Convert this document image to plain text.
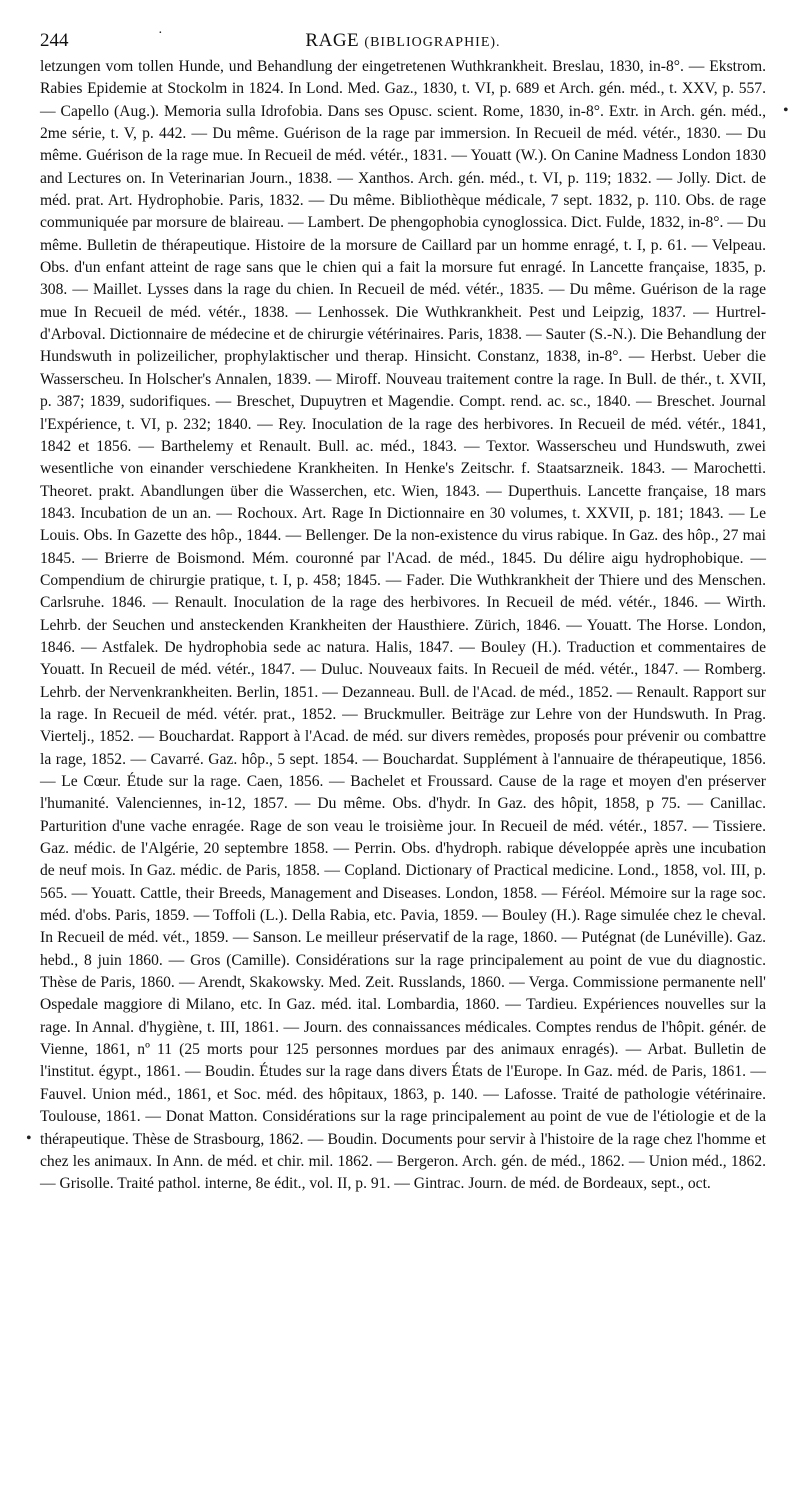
244	·	RAGE (BIBLIOGRAPHIE).
•
•

letzungen vom tollen Hunde, und Behandlung der eingetretenen Wuthkrankheit. Breslau, 1830, in-8°. — Ekstrom. Rabies Epidemie at Stockolm in 1824. In Lond. Med. Gaz., 1830, t. VI, p. 689 et Arch. gén. méd., t. XXV, p. 557. — Capello (Aug.). Memoria sulla Idrofobia. Dans ses Opusc. scient. Rome, 1830, in-8°. Extr. in Arch. gén. méd., 2me série, t. V, p. 442. — Du même. Guérison de la rage par immersion. In Recueil de méd. vétér., 1830. — Du même. Guérison de la rage mue. In Recueil de méd. vétér., 1831. — Youatt (W.). On Canine Madness London 1830 and Lectures on. In Veterinarian Journ., 1838. — Xanthos. Arch. gén. méd., t. VI, p. 119; 1832. — Jolly. Dict. de méd. prat. Art. Hydrophobie. Paris, 1832. — Du même. Bibliothèque médicale, 7 sept. 1832, p. 110. Obs. de rage communiquée par morsure de blaireau. — Lambert. De phengophobia cynoglossica. Dict. Fulde, 1832, in-8°. — Du même. Bulletin de thérapeutique. Histoire de la morsure de Caillard par un homme enragé, t. I, p. 61. — Velpeau. Obs. d'un enfant atteint de rage sans que le chien qui a fait la morsure fut enragé. In Lancette française, 1835, p. 308. — Maillet. Lysses dans la rage du chien. In Recueil de méd. vétér., 1835. — Du même. Guérison de la rage mue In Recueil de méd. vétér., 1838. — Lenhossek. Die Wuthkrankheit. Pest und Leipzig, 1837. — Hurtrel-d'Arboval. Dictionnaire de médecine et de chirurgie vétérinaires. Paris, 1838. — Sauter (S.-N.). Die Behandlung der Hundswuth in polizeilicher, prophylaktischer und therap. Hinsicht. Constanz, 1838, in-8°. — Herbst. Ueber die Wasserscheu. In Holscher's Annalen, 1839. — Miroff. Nouveau traitement contre la rage. In Bull. de thér., t. XVII, p. 387; 1839, sudorifiques. — Breschet, Dupuytren et Magendie. Compt. rend. ac. sc., 1840. — Breschet. Journal l'Expérience, t. VI, p. 232; 1840. — Rey. Inoculation de la rage des herbivores. In Recueil de méd. vétér., 1841, 1842 et 1856. — Barthelemy et Renault. Bull. ac. méd., 1843. — Textor. Wasserscheu und Hundswuth, zwei wesentliche von einander verschiedene Krankheiten. In Henke's Zeitschr. f. Staatsarzneik. 1843. — Marochetti. Theoret. prakt. Abandlungen über die Wasserchen, etc. Wien, 1843. — Duperthuis. Lancette française, 18 mars 1843. Incubation de un an. — Rochoux. Art. Rage In Dictionnaire en 30 volumes, t. XXVII, p. 181; 1843. — Le Louis. Obs. In Gazette des hôp., 1844. — Bellenger. De la non-existence du virus rabique. In Gaz. des hôp., 27 mai 1845. — Brierre de Boismond. Mém. couronné par l'Acad. de méd., 1845. Du délire aigu hydrophobique. — Compendium de chirurgie pratique, t. I, p. 458; 1845. — Fader. Die Wuthkrankheit der Thiere und des Menschen. Carlsruhe. 1846. — Renault. Inoculation de la rage des herbivores. In Recueil de méd. vétér., 1846. — Wirth. Lehrb. der Seuchen und ansteckenden Krankheiten der Hausthiere. Zürich, 1846. — Youatt. The Horse. London, 1846. — Astfalek. De hydrophobia sede ac natura. Halis, 1847. — Bouley (H.). Traduction et commentaires de Youatt. In Recueil de méd. vétér., 1847. — Duluc. Nouveaux faits. In Recueil de méd. vétér., 1847. — Romberg. Lehrb. der Nervenkrankheiten. Berlin, 1851. — Dezanneau. Bull. de l'Acad. de méd., 1852. — Renault. Rapport sur la rage. In Recueil de méd. vétér. prat., 1852. — Bruckmuller. Beiträge zur Lehre von der Hundswuth. In Prag. Viertelj., 1852. — Bouchardat. Rapport à l'Acad. de méd. sur divers remèdes, proposés pour prévenir ou combattre la rage, 1852. — Cavarré. Gaz. hôp., 5 sept. 1854. — Bouchardat. Supplément à l'annuaire de thérapeutique, 1856. — Le Cœur. Étude sur la rage. Caen, 1856. — Bachelet et Froussard. Cause de la rage et moyen d'en préserver l'humanité. Valenciennes, in-12, 1857. — Du même. Obs. d'hydr. In Gaz. des hôpit, 1858, p 75. — Canillac. Parturition d'une vache enragée. Rage de son veau le troisième jour. In Recueil de méd. vétér., 1857. — Tissiere. Gaz. médic. de l'Algérie, 20 septembre 1858. — Perrin. Obs. d'hydroph. rabique développée après une incubation de neuf mois. In Gaz. médic. de Paris, 1858. — Copland. Dictionary of Practical medicine. Lond., 1858, vol. III, p. 565. — Youatt. Cattle, their Breeds, Management and Diseases. London, 1858. — Féréol. Mémoire sur la rage soc. méd. d'obs. Paris, 1859. — Toffoli (L.). Della Rabia, etc. Pavia, 1859. — Bouley (H.). Rage simulée chez le cheval. In Recueil de méd. vét., 1859. — Sanson. Le meilleur préservatif de la rage, 1860. — Putégnat (de Lunéville). Gaz. hebd., 8 juin 1860. — Gros (Camille). Considérations sur la rage principalement au point de vue du diagnostic. Thèse de Paris, 1860. — Arendt, Skakowsky. Med. Zeit. Russlands, 1860. — Verga. Commissione permanente nell' Ospedale maggiore di Milano, etc. In Gaz. méd. ital. Lombardia, 1860. — Tardieu. Expériences nouvelles sur la rage. In Annal. d'hygiène, t. III, 1861. — Journ. des connaissances médicales. Comptes rendus de l'hôpit. génér. de Vienne, 1861, nº 11 (25 morts pour 125 personnes mordues par des animaux enragés). — Arbat. Bulletin de l'institut. égypt., 1861. — Boudin. Études sur la rage dans divers États de l'Europe. In Gaz. méd. de Paris, 1861. — Fauvel. Union méd., 1861, et Soc. méd. des hôpitaux, 1863, p. 140. — Lafosse. Traité de pathologie vétérinaire. Toulouse, 1861. — Donat Matton. Considérations sur la rage principalement au point de vue de l'étiologie et de la thérapeutique. Thèse de Strasbourg, 1862. — Boudin. Documents pour servir à l'histoire de la rage chez l'homme et chez les animaux. In Ann. de méd. et chir. mil. 1862. — Bergeron. Arch. gén. de méd., 1862. — Union méd., 1862. — Grisolle. Traité pathol. interne, 8e édit., vol. II, p. 91. — Gintrac. Journ. de méd. de Bordeaux, sept., oct.
